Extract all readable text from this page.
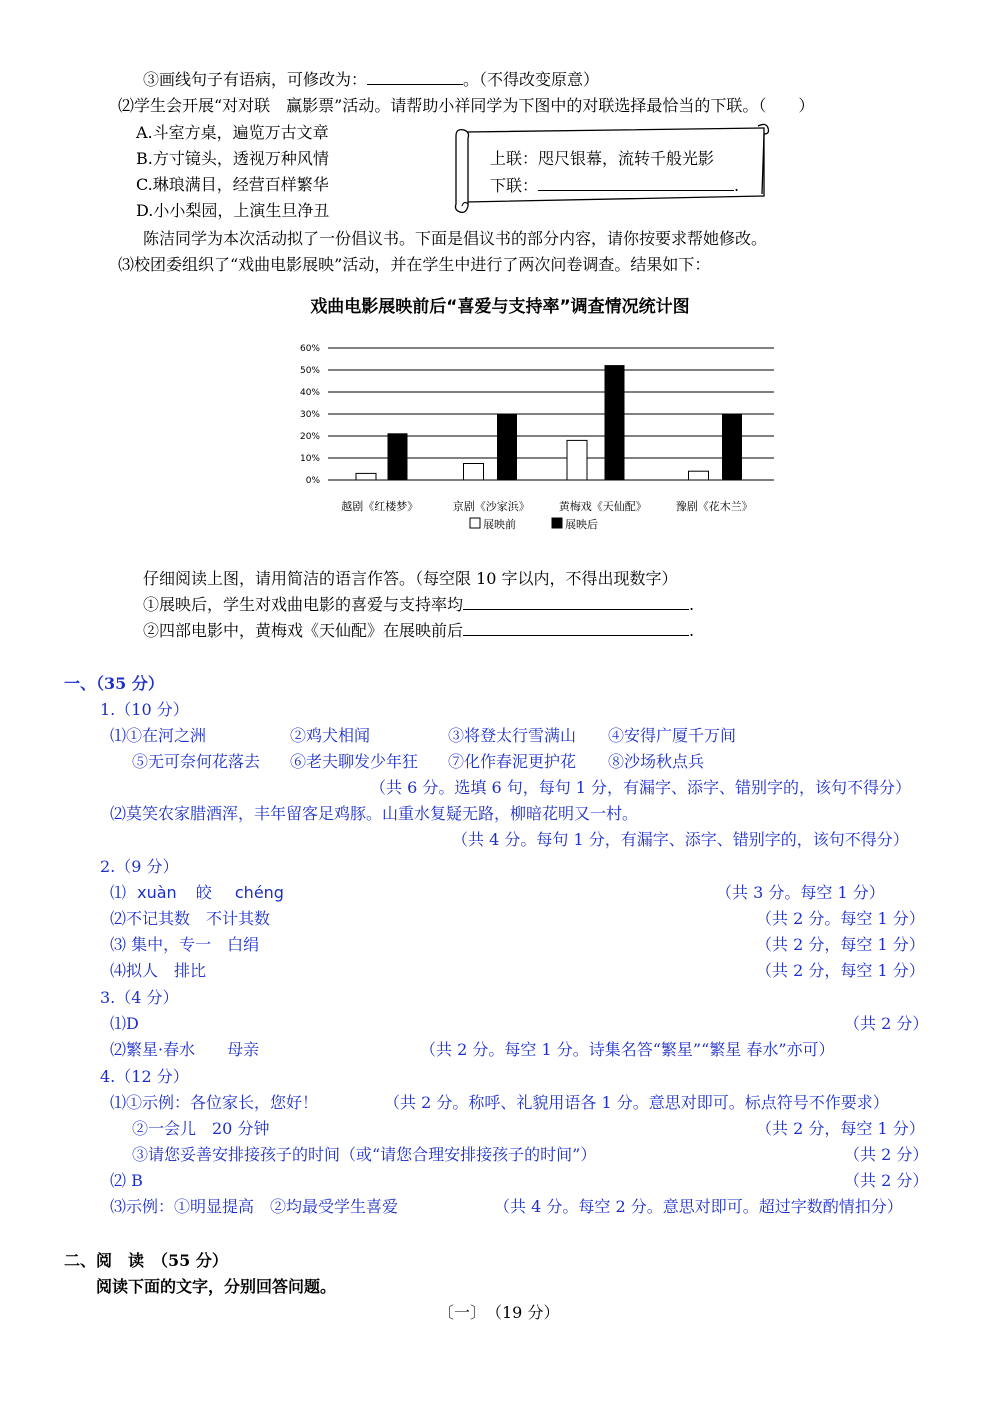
③画线句子有语病，可修改为：	。（不得改变原意）
⑵学生会开展“对对联　赢影票”活动。请帮助小祥同学为下图中的对联选择最恰当的下联。（　　）
A.斗室方桌，遍览万古文章
B.方寸镜头，透视万种风情
C.琳琅满目，经营百样繁华
D.小小梨园，上演生旦净丑
上联：咫尺银幕，流转千般光影
下联：	.
陈洁同学为本次活动拟了一份倡议书。下面是倡议书的部分内容，请你按要求帮她修改。
⑶校团委组织了“戏曲电影展映”活动，并在学生中进行了两次问卷调查。结果如下：
戏曲电影展映前后“喜爱与支持率”调查情况统计图
0%
10%
20%
30%
40%
50%
60%
越剧《红楼梦》	京剧《沙家浜》	黄梅戏《天仙配》	豫剧《花木兰》
展映前	展映后
仔细阅读上图，请用简洁的语言作答。（每空限 10 字以内，不得出现数字）
①展映后，学生对戏曲电影的喜爱与支持率均	.
②四部电影中，黄梅戏《天仙配》在展映前后	.
一、（35 分）
1.（10 分）
⑴①在河之洲	②鸡犬相闻	③将登太行雪满山 ④安得广厦千万间
⑤无可奈何花落去 ⑥老夫聊发少年狂 ⑦化作春泥更护花 ⑧沙场秋点兵
（共 6 分。选填 6 句，每句 1 分，有漏字、添字、错别字的，该句不得分）
⑵莫笑农家腊酒浑，丰年留客足鸡豚。山重水复疑无路，柳暗花明又一村。
（共 4 分。每句 1 分，有漏字、添字、错别字的，该句不得分）
2.（9 分）
⑴ xuàn 皎 chéng	（共 3 分。每空 1 分）
⑵不记其数　不计其数	（共 2 分。每空 1 分）
⑶ 集中，专一　白绢	（共 2 分，每空 1 分）
⑷拟人　排比	（共 2 分，每空 1 分）
3.（4 分）
⑴D	（共 2 分）
⑵繁星·春水　　母亲	（共 2 分。每空 1 分。诗集名答“繁星”“繁星 春水”亦可）
4.（12 分）
⑴①示例：各位家长，您好！	（共 2 分。称呼、礼貌用语各 1 分。意思对即可。标点符号不作要求）
②一会儿　20 分钟	（共 2 分，每空 1 分）
③请您妥善安排接孩子的时间（或“请您合理安排接孩子的时间”）	（共 2 分）
⑵ B	（共 2 分）
⑶示例：①明显提高　②均最受学生喜爱	（共 4 分。每空 2 分。意思对即可。超过字数酌情扣分）
二、阅　读　（55 分）
阅读下面的文字，分别回答问题。
〔一〕　（19 分）
